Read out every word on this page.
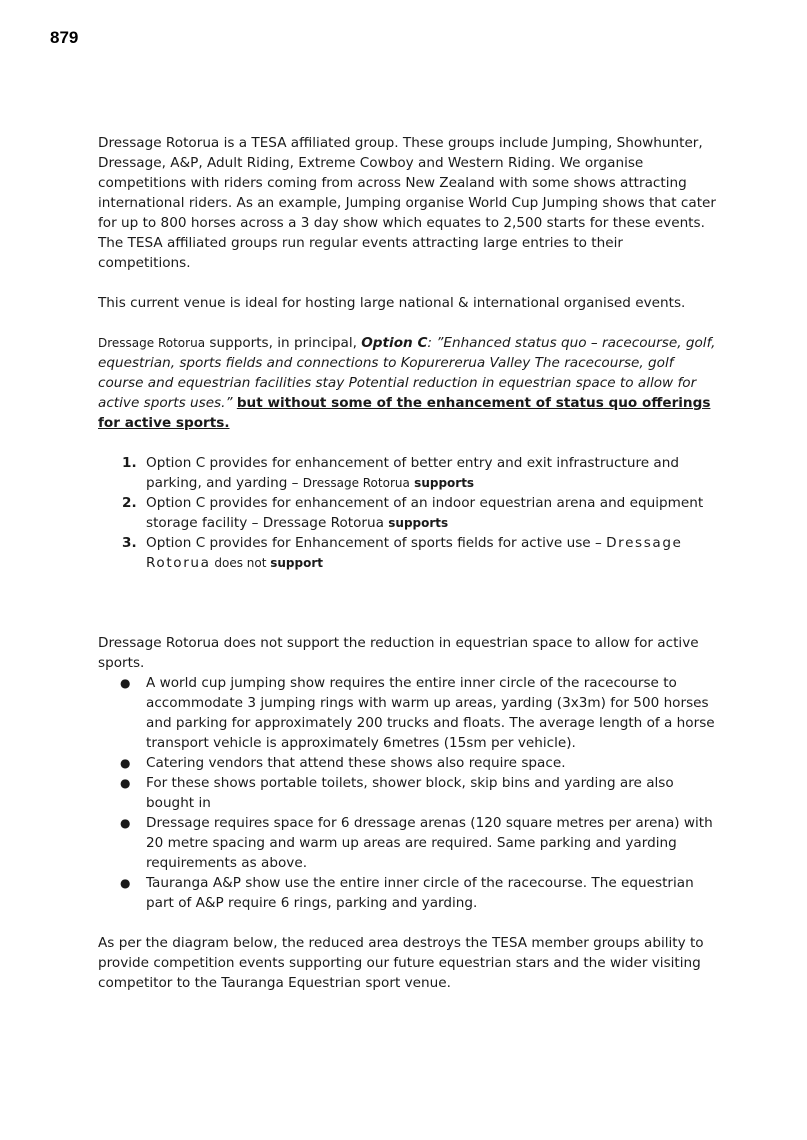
879

Dressage Rotorua is a TESA affiliated group. These groups include Jumping, Showhunter, Dressage, A&P, Adult Riding, Extreme Cowboy and Western Riding. We organise competitions with riders coming from across New Zealand with some shows attracting international riders. As an example, Jumping organise World Cup Jumping shows that cater for up to 800 horses across a 3 day show which equates to 2,500 starts for these events. The TESA affiliated groups run regular events attracting large entries to their competitions.

This current venue is ideal for hosting large national & international organised events.

Dressage Rotorua supports, in principal, Option C: ”Enhanced status quo – racecourse, golf, equestrian, sports fields and connections to Kopurererua Valley The racecourse, golf course and equestrian facilities stay Potential reduction in equestrian space to allow for active sports uses.” but without some of the enhancement of status quo offerings for active sports.

1. Option C provides for enhancement of better entry and exit infrastructure and parking, and yarding – Dressage Rotorua supports
2. Option C provides for enhancement of an indoor equestrian arena and equipment storage facility – Dressage Rotorua supports
3. Option C provides for Enhancement of sports fields for active use – Dressage Rotorua does not support

Dressage Rotorua does not support the reduction in equestrian space to allow for active sports.

● A world cup jumping show requires the entire inner circle of the racecourse to accommodate 3 jumping rings with warm up areas, yarding (3x3m) for 500 horses and parking for approximately 200 trucks and floats. The average length of a horse transport vehicle is approximately 6metres (15sm per vehicle).
● Catering vendors that attend these shows also require space.
● For these shows portable toilets, shower block, skip bins and yarding are also bought in
● Dressage requires space for 6 dressage arenas (120 square metres per arena) with 20 metre spacing and warm up areas are required. Same parking and yarding requirements as above.
● Tauranga A&P show use the entire inner circle of the racecourse. The equestrian part of A&P require 6 rings, parking and yarding.

As per the diagram below, the reduced area destroys the TESA member groups ability to provide competition events supporting our future equestrian stars and the wider visiting competitor to the Tauranga Equestrian sport venue.
